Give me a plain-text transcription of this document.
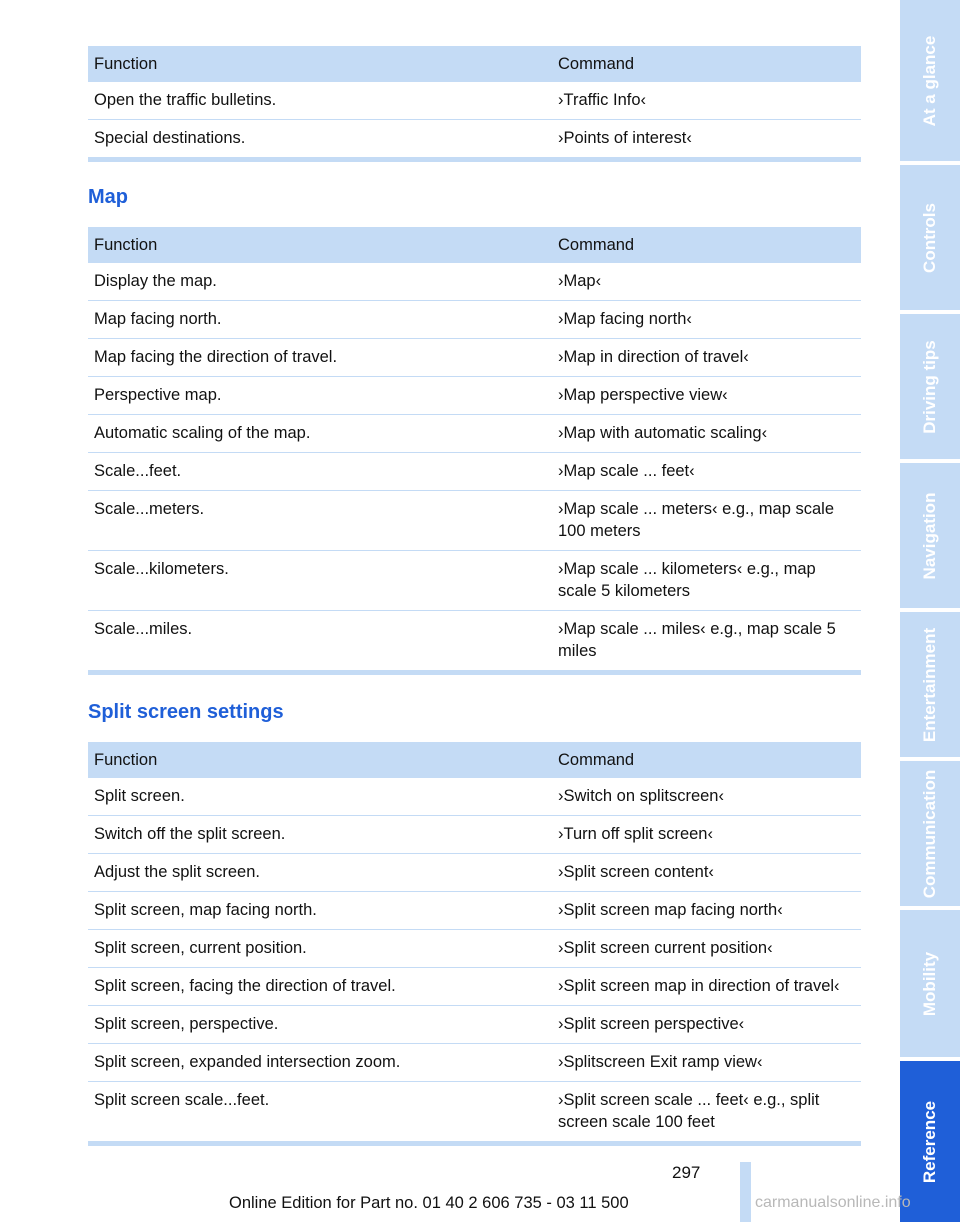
Function	Command
Open the traffic bulletins.	›Traffic Info‹
Special destinations.	›Points of interest‹
Map
Function	Command
Display the map.	›Map‹
Map facing north.	›Map facing north‹
Map facing the direction of travel.	›Map in direction of travel‹
Perspective map.	›Map perspective view‹
Automatic scaling of the map.	›Map with automatic scaling‹
Scale...feet.	›Map scale ... feet‹
Scale...meters.	›Map scale ... meters‹ e.g., map scale 100 meters
Scale...kilometers.	›Map scale ... kilometers‹ e.g., map scale 5 kilometers
Scale...miles.	›Map scale ... miles‹ e.g., map scale 5 miles
Split screen settings
Function	Command
Split screen.	›Switch on splitscreen‹
Switch off the split screen.	›Turn off split screen‹
Adjust the split screen.	›Split screen content‹
Split screen, map facing north.	›Split screen map facing north‹
Split screen, current position.	›Split screen current position‹
Split screen, facing the direction of travel.	›Split screen map in direction of travel‹
Split screen, perspective.	›Split screen perspective‹
Split screen, expanded intersection zoom.	›Splitscreen Exit ramp view‹
Split screen scale...feet.	›Split screen scale ... feet‹ e.g., split screen scale 100 feet
At a glance
Controls
Driving tips
Navigation
Entertainment
Communication
Mobility
Reference
297
Online Edition for Part no. 01 40 2 606 735 - 03 11 500	carmanualsonline.info
